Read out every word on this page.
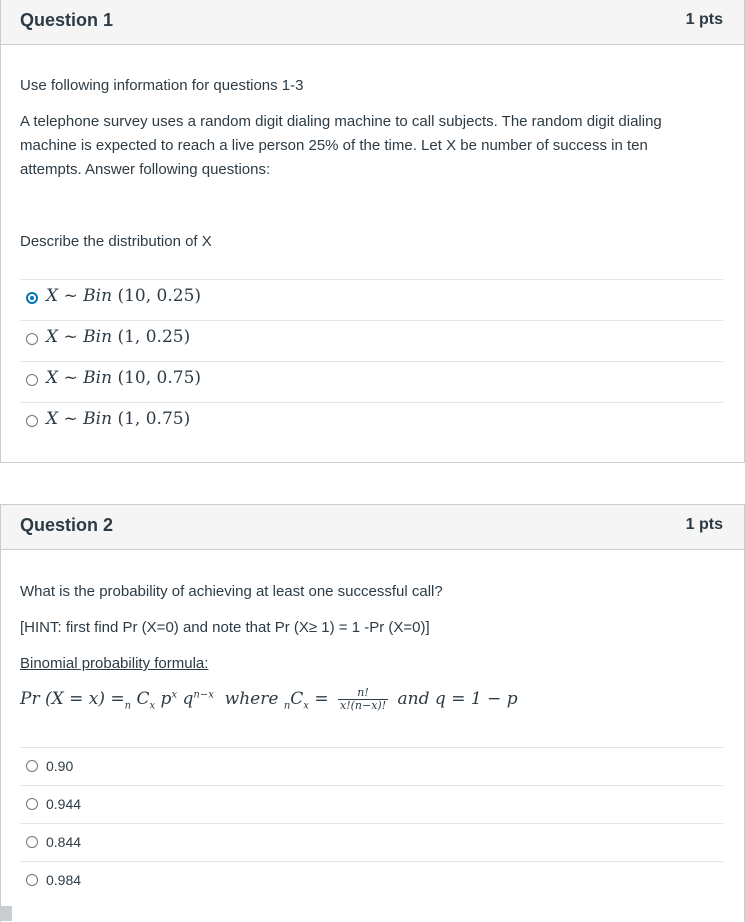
Question 1	1 pts
Use following information for questions 1-3
A telephone survey uses a random digit dialing machine to call subjects. The random digit dialing machine is expected to reach a live person 25% of the time. Let X be number of success in ten attempts. Answer following questions:
Describe the distribution of X
X ~ Bin (10, 0.25)
X ~ Bin (1, 0.25)
X ~ Bin (10, 0.75)
X ~ Bin (1, 0.75)
Question 2	1 pts
What is the probability of achieving at least one successful call?
[HINT: first find Pr (X=0) and note that Pr (X≥ 1) = 1 -Pr (X=0)]
Binomial probability formula:
Pr $(X = x) =_n$ $C_x$ $p^x$ $q^{n-x}$ where $_nC_x = \frac{n!}{x!(n-x)!}$ and q = 1 − p
0.90
0.944
0.844
0.984
